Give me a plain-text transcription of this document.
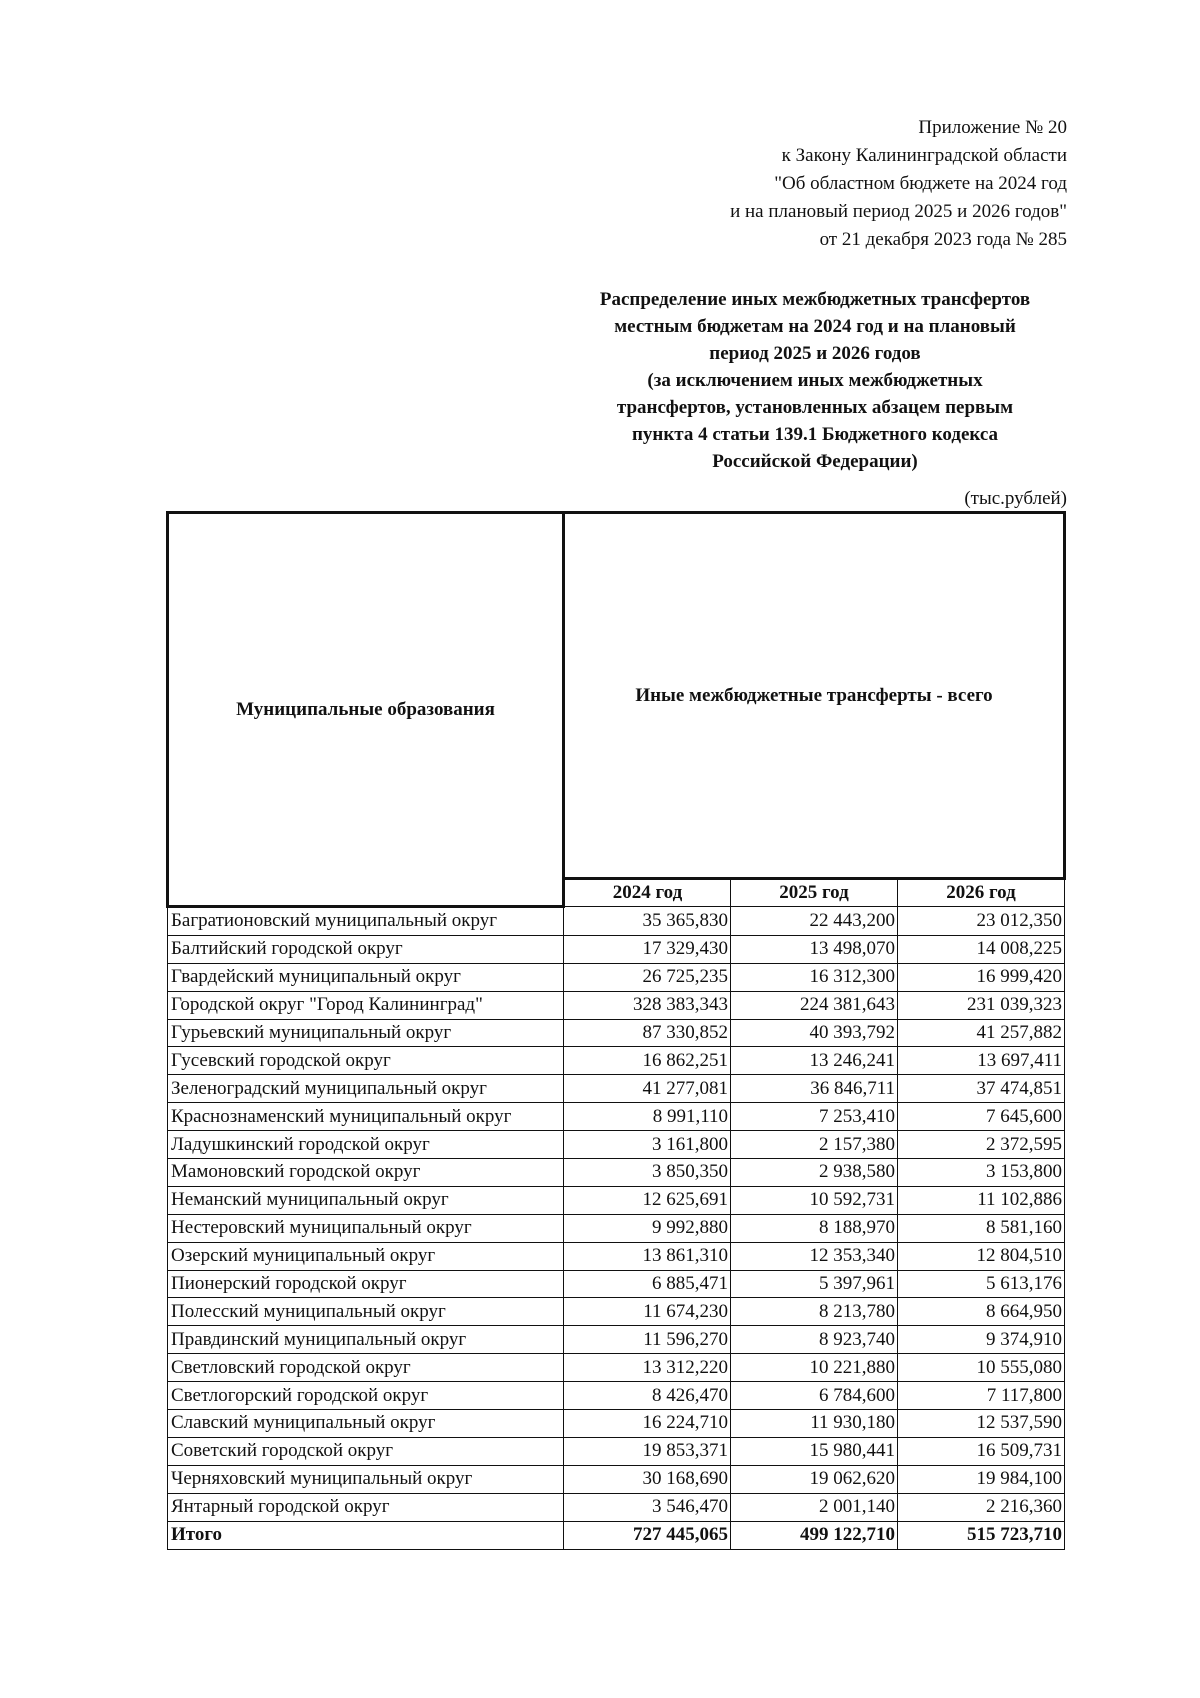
Приложение № 20
к Закону Калининградской области
"Об областном бюджете на 2024 год
и на плановый период 2025 и 2026 годов"
от 21 декабря 2023 года № 285
Распределение иных межбюджетных трансфертов
местным бюджетам на 2024 год и на плановый
период 2025 и 2026 годов
(за исключением иных межбюджетных
трансфертов, установленных абзацем первым
пункта 4 статьи 139.1 Бюджетного кодекса
Российской Федерации)
(тыс.рублей)
Муниципальные образования	Иные межбюджетные трансферты - всего		
	2024 год	2025 год	2026 год
Багратионовский муниципальный округ	35 365,830	22 443,200	23 012,350
Балтийский городской округ	17 329,430	13 498,070	14 008,225
Гвардейский муниципальный округ	26 725,235	16 312,300	16 999,420
Городской округ "Город Калининград"	328 383,343	224 381,643	231 039,323
Гурьевский муниципальный округ	87 330,852	40 393,792	41 257,882
Гусевский городской округ	16 862,251	13 246,241	13 697,411
Зеленоградский муниципальный округ	41 277,081	36 846,711	37 474,851
Краснознаменский муниципальный округ	8 991,110	7 253,410	7 645,600
Ладушкинский городской округ	3 161,800	2 157,380	2 372,595
Мамоновский городской округ	3 850,350	2 938,580	3 153,800
Неманский муниципальный округ	12 625,691	10 592,731	11 102,886
Нестеровский муниципальный округ	9 992,880	8 188,970	8 581,160
Озерский муниципальный округ	13 861,310	12 353,340	12 804,510
Пионерский городской округ	6 885,471	5 397,961	5 613,176
Полесский муниципальный округ	11 674,230	8 213,780	8 664,950
Правдинский муниципальный округ	11 596,270	8 923,740	9 374,910
Светловский городской округ	13 312,220	10 221,880	10 555,080
Светлогорский городской округ	8 426,470	6 784,600	7 117,800
Славский муниципальный округ	16 224,710	11 930,180	12 537,590
Советский городской округ	19 853,371	15 980,441	16 509,731
Черняховский муниципальный округ	30 168,690	19 062,620	19 984,100
Янтарный городской округ	3 546,470	2 001,140	2 216,360
Итого	727 445,065	499 122,710	515 723,710
